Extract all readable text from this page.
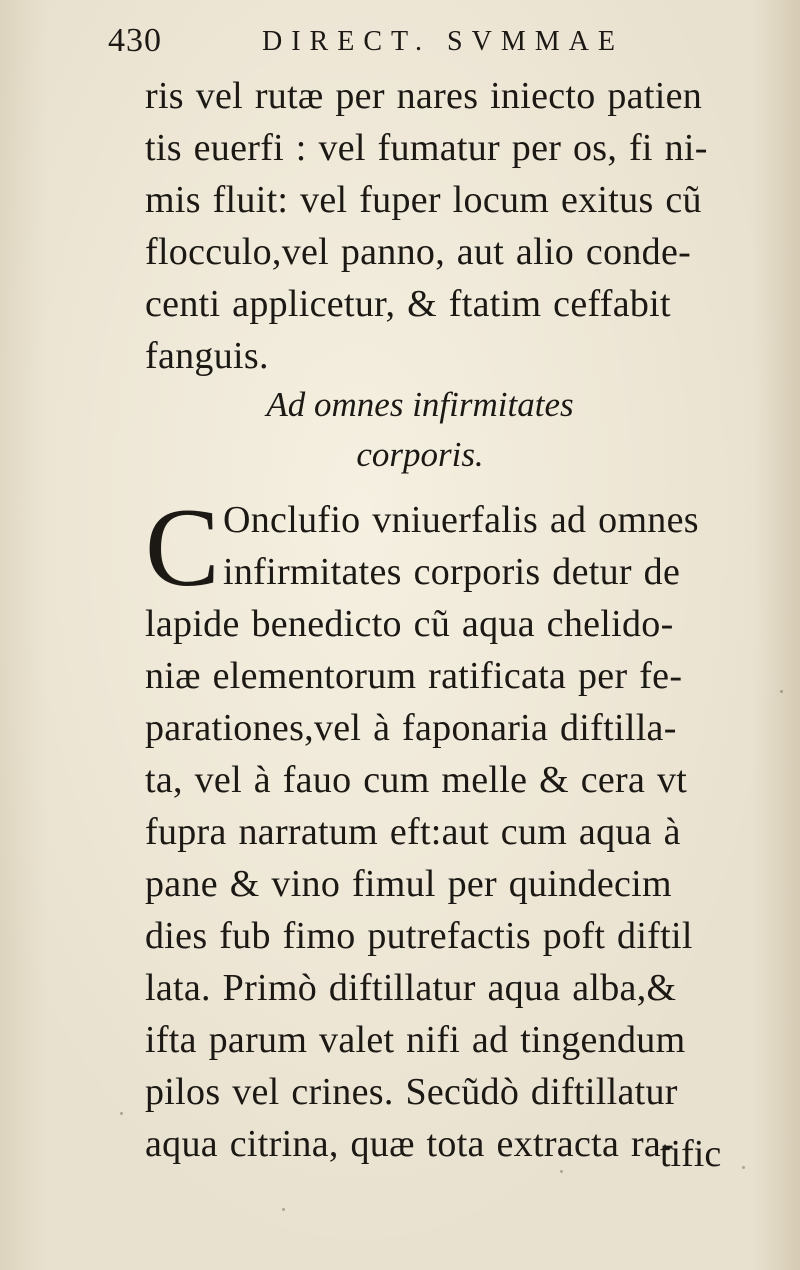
430	DIRECT. SVMMAE
ris vel rutæ per nares iniecto patien
tis euerfi : vel fumatur per os, fi ni-
mis fluit: vel fuper locum exitus cũ
flocculo,vel panno, aut alio conde-
centi applicetur, & ftatim ceffabit
fanguis.
Ad omnes infirmitates
corporis.
C Onclufio vniuerfalis ad omnes
infirmitates corporis detur de
lapide benedicto cũ aqua chelido-
niæ elementorum ratificata per fe-
parationes,vel à faponaria diftilla-
ta, vel à fauo cum melle & cera vt
fupra narratum eft:aut cum aqua à
pane & vino fimul per quindecim
dies fub fimo putrefactis poft diftil
lata. Primò diftillatur aqua alba,&
ifta parum valet nifi ad tingendum
pilos vel crines. Secũdò diftillatur
aqua citrina, quæ tota extracta ra-
tific
